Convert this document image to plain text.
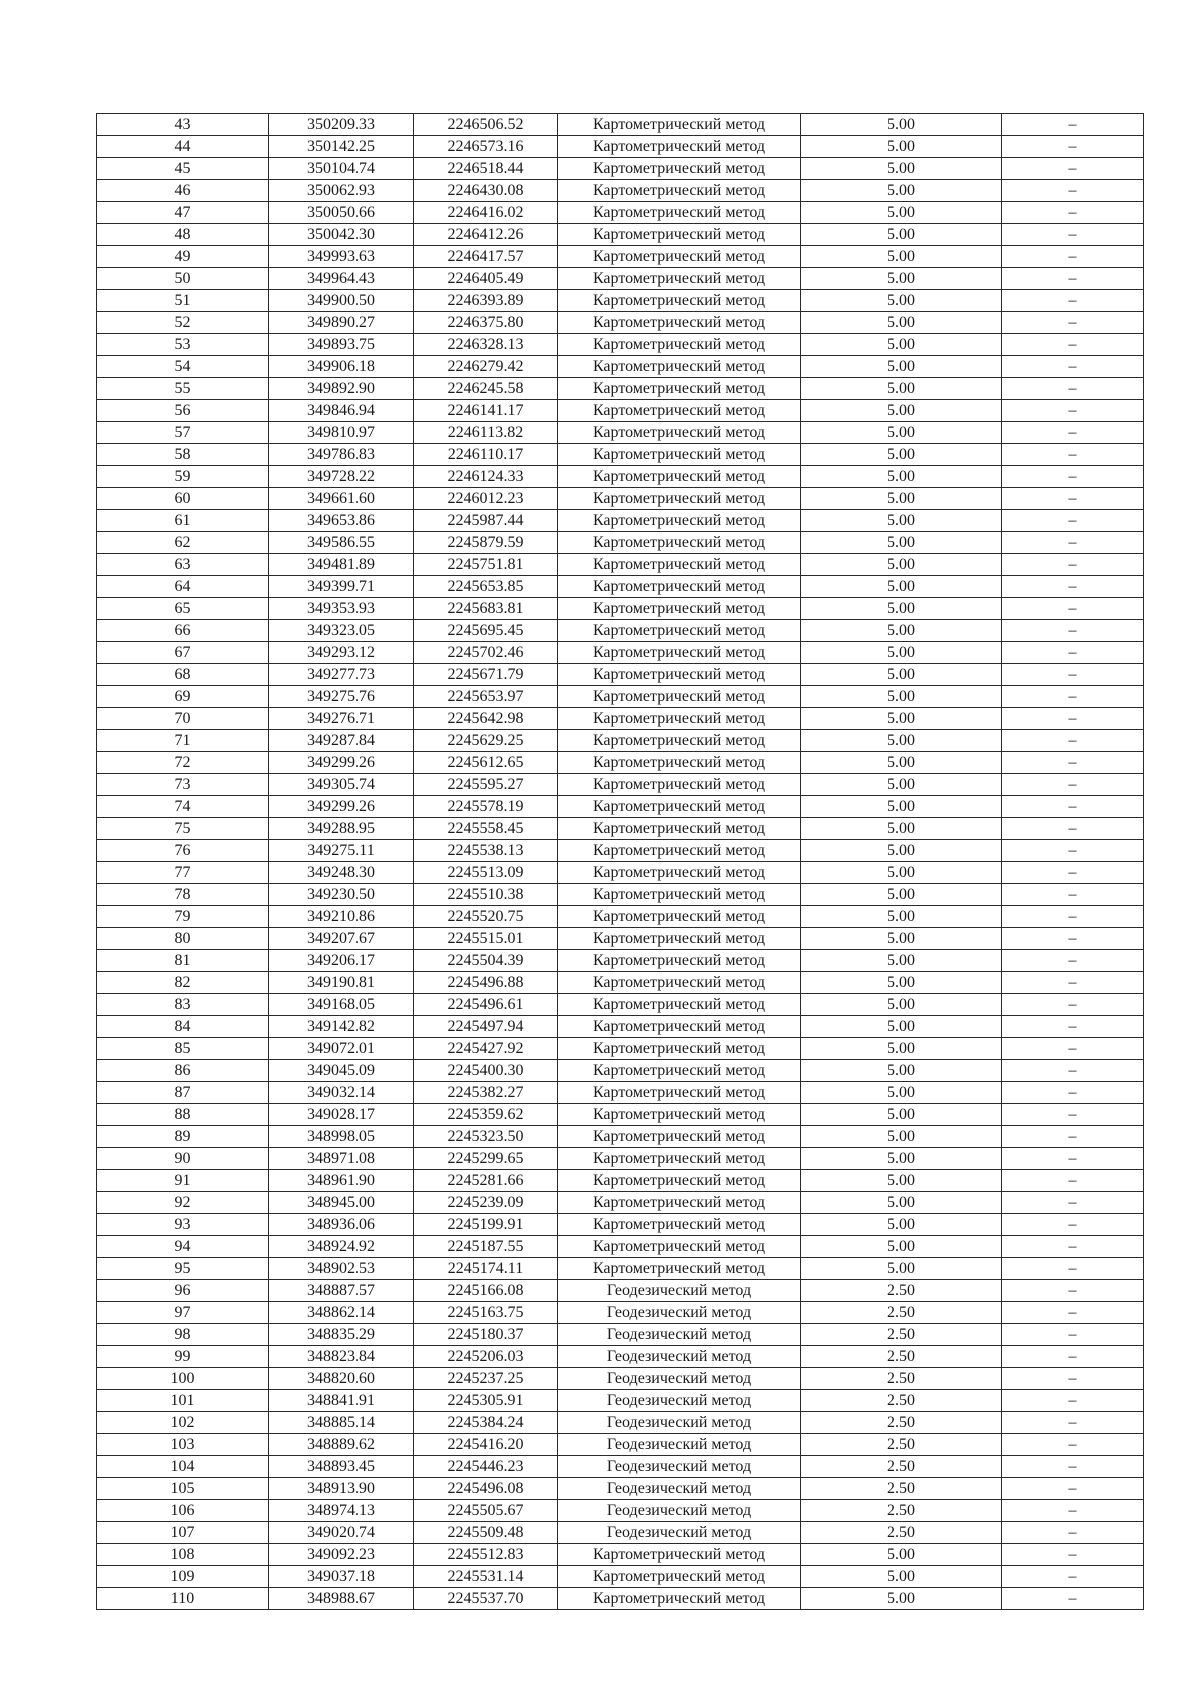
43	350209.33	2246506.52	Картометрический метод	5.00	–
44	350142.25	2246573.16	Картометрический метод	5.00	–
45	350104.74	2246518.44	Картометрический метод	5.00	–
46	350062.93	2246430.08	Картометрический метод	5.00	–
47	350050.66	2246416.02	Картометрический метод	5.00	–
48	350042.30	2246412.26	Картометрический метод	5.00	–
49	349993.63	2246417.57	Картометрический метод	5.00	–
50	349964.43	2246405.49	Картометрический метод	5.00	–
51	349900.50	2246393.89	Картометрический метод	5.00	–
52	349890.27	2246375.80	Картометрический метод	5.00	–
53	349893.75	2246328.13	Картометрический метод	5.00	–
54	349906.18	2246279.42	Картометрический метод	5.00	–
55	349892.90	2246245.58	Картометрический метод	5.00	–
56	349846.94	2246141.17	Картометрический метод	5.00	–
57	349810.97	2246113.82	Картометрический метод	5.00	–
58	349786.83	2246110.17	Картометрический метод	5.00	–
59	349728.22	2246124.33	Картометрический метод	5.00	–
60	349661.60	2246012.23	Картометрический метод	5.00	–
61	349653.86	2245987.44	Картометрический метод	5.00	–
62	349586.55	2245879.59	Картометрический метод	5.00	–
63	349481.89	2245751.81	Картометрический метод	5.00	–
64	349399.71	2245653.85	Картометрический метод	5.00	–
65	349353.93	2245683.81	Картометрический метод	5.00	–
66	349323.05	2245695.45	Картометрический метод	5.00	–
67	349293.12	2245702.46	Картометрический метод	5.00	–
68	349277.73	2245671.79	Картометрический метод	5.00	–
69	349275.76	2245653.97	Картометрический метод	5.00	–
70	349276.71	2245642.98	Картометрический метод	5.00	–
71	349287.84	2245629.25	Картометрический метод	5.00	–
72	349299.26	2245612.65	Картометрический метод	5.00	–
73	349305.74	2245595.27	Картометрический метод	5.00	–
74	349299.26	2245578.19	Картометрический метод	5.00	–
75	349288.95	2245558.45	Картометрический метод	5.00	–
76	349275.11	2245538.13	Картометрический метод	5.00	–
77	349248.30	2245513.09	Картометрический метод	5.00	–
78	349230.50	2245510.38	Картометрический метод	5.00	–
79	349210.86	2245520.75	Картометрический метод	5.00	–
80	349207.67	2245515.01	Картометрический метод	5.00	–
81	349206.17	2245504.39	Картометрический метод	5.00	–
82	349190.81	2245496.88	Картометрический метод	5.00	–
83	349168.05	2245496.61	Картометрический метод	5.00	–
84	349142.82	2245497.94	Картометрический метод	5.00	–
85	349072.01	2245427.92	Картометрический метод	5.00	–
86	349045.09	2245400.30	Картометрический метод	5.00	–
87	349032.14	2245382.27	Картометрический метод	5.00	–
88	349028.17	2245359.62	Картометрический метод	5.00	–
89	348998.05	2245323.50	Картометрический метод	5.00	–
90	348971.08	2245299.65	Картометрический метод	5.00	–
91	348961.90	2245281.66	Картометрический метод	5.00	–
92	348945.00	2245239.09	Картометрический метод	5.00	–
93	348936.06	2245199.91	Картометрический метод	5.00	–
94	348924.92	2245187.55	Картометрический метод	5.00	–
95	348902.53	2245174.11	Картометрический метод	5.00	–
96	348887.57	2245166.08	Геодезический метод	2.50	–
97	348862.14	2245163.75	Геодезический метод	2.50	–
98	348835.29	2245180.37	Геодезический метод	2.50	–
99	348823.84	2245206.03	Геодезический метод	2.50	–
100	348820.60	2245237.25	Геодезический метод	2.50	–
101	348841.91	2245305.91	Геодезический метод	2.50	–
102	348885.14	2245384.24	Геодезический метод	2.50	–
103	348889.62	2245416.20	Геодезический метод	2.50	–
104	348893.45	2245446.23	Геодезический метод	2.50	–
105	348913.90	2245496.08	Геодезический метод	2.50	–
106	348974.13	2245505.67	Геодезический метод	2.50	–
107	349020.74	2245509.48	Геодезический метод	2.50	–
108	349092.23	2245512.83	Картометрический метод	5.00	–
109	349037.18	2245531.14	Картометрический метод	5.00	–
110	348988.67	2245537.70	Картометрический метод	5.00	–
